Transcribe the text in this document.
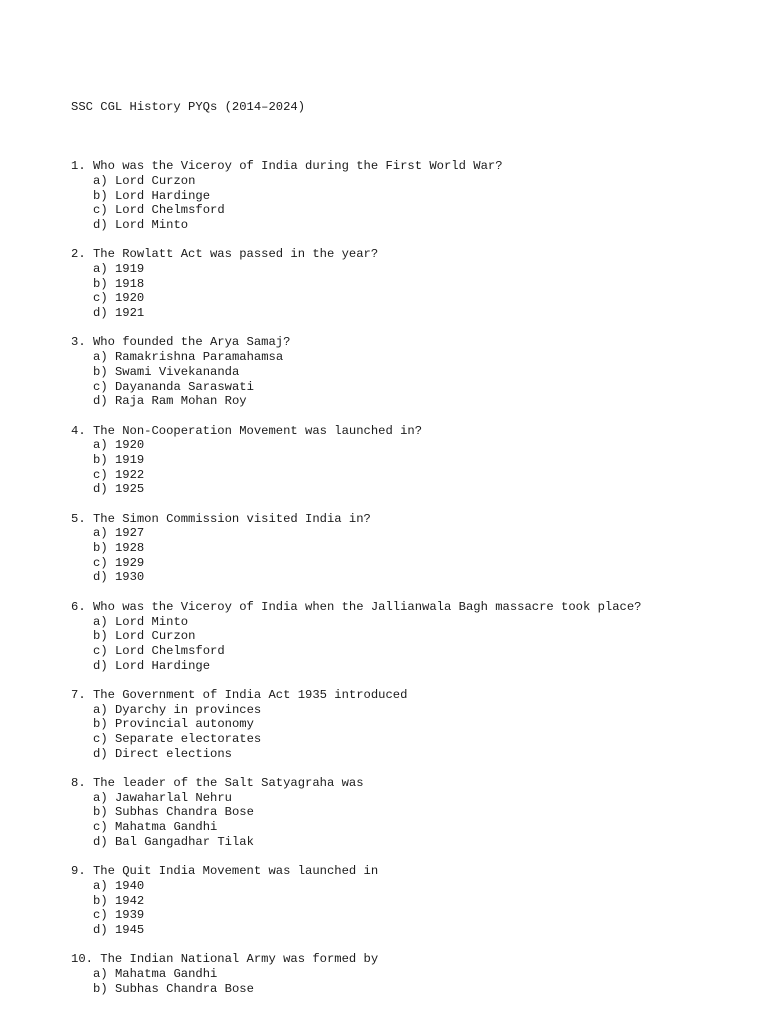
SSC CGL History PYQs (2014–2024)

1. Who was the Viceroy of India during the First World War?
a) Lord Curzon
b) Lord Hardinge
c) Lord Chelmsford
d) Lord Minto
2. The Rowlatt Act was passed in the year?
a) 1919
b) 1918
c) 1920
d) 1921
3. Who founded the Arya Samaj?
a) Ramakrishna Paramahamsa
b) Swami Vivekananda
c) Dayananda Saraswati
d) Raja Ram Mohan Roy
4. The Non-Cooperation Movement was launched in?
a) 1920
b) 1919
c) 1922
d) 1925
5. The Simon Commission visited India in?
a) 1927
b) 1928
c) 1929
d) 1930
6. Who was the Viceroy of India when the Jallianwala Bagh massacre took place?
a) Lord Minto
b) Lord Curzon
c) Lord Chelmsford
d) Lord Hardinge
7. The Government of India Act 1935 introduced
a) Dyarchy in provinces
b) Provincial autonomy
c) Separate electorates
d) Direct elections
8. The leader of the Salt Satyagraha was
a) Jawaharlal Nehru
b) Subhas Chandra Bose
c) Mahatma Gandhi
d) Bal Gangadhar Tilak
9. The Quit India Movement was launched in
a) 1940
b) 1942
c) 1939
d) 1945
10. The Indian National Army was formed by
a) Mahatma Gandhi
b) Subhas Chandra Bose
